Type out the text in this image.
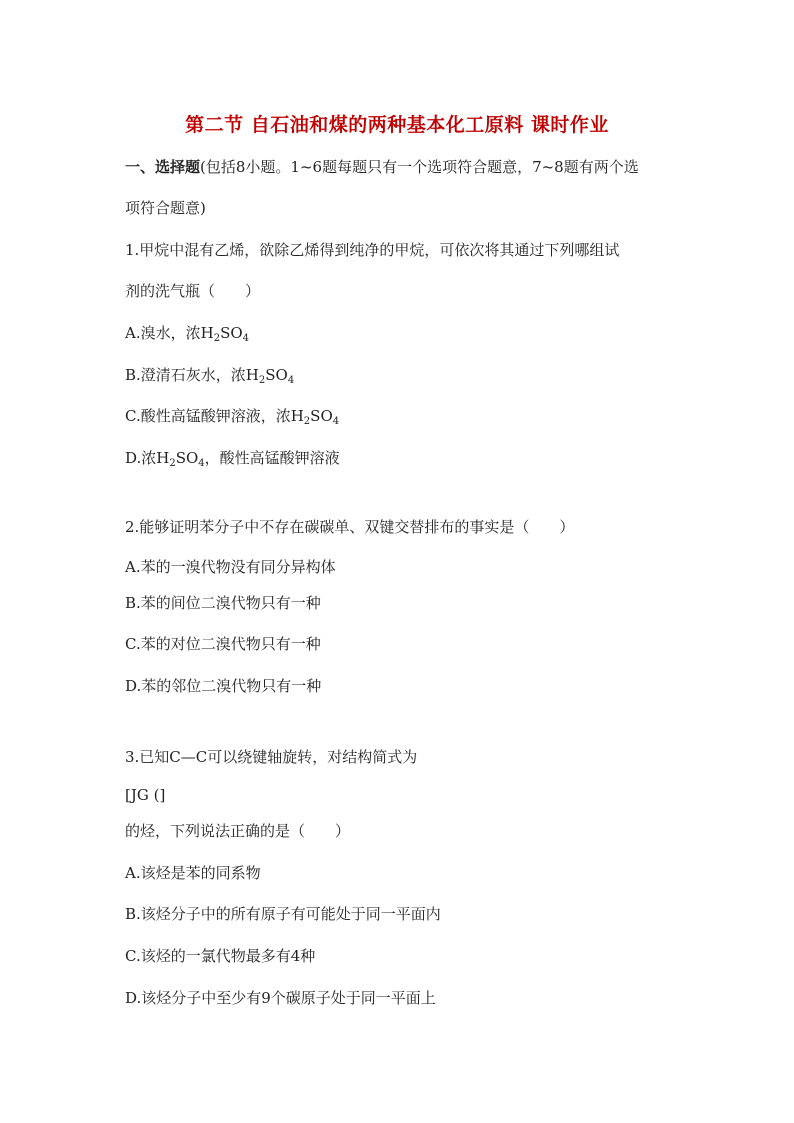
第二节 自石油和煤的两种基本化工原料 课时作业
一、选择题(包括8小题。1~6题每题只有一个选项符合题意，7~8题有两个选
项符合题意)
1.甲烷中混有乙烯，欲除乙烯得到纯净的甲烷，可依次将其通过下列哪组试
剂的洗气瓶（　　）
A.溴水，浓$H_2SO_4$
B.澄清石灰水，浓$H_2SO_4$
C.酸性高锰酸钾溶液，浓$H_2SO_4$
D.浓$H_2SO_4$，酸性高锰酸钾溶液
2.能够证明苯分子中不存在碳碳单、双键交替排布的事实是（　　）
A.苯的一溴代物没有同分异构体
B.苯的间位二溴代物只有一种
C.苯的对位二溴代物只有一种
D.苯的邻位二溴代物只有一种
3.已知C—C可以绕键轴旋转，对结构简式为
[JG (]
的烃，下列说法正确的是（　　）
A.该烃是苯的同系物
B.该烃分子中的所有原子有可能处于同一平面内
C.该烃的一氯代物最多有4种
D.该烃分子中至少有9个碳原子处于同一平面上
